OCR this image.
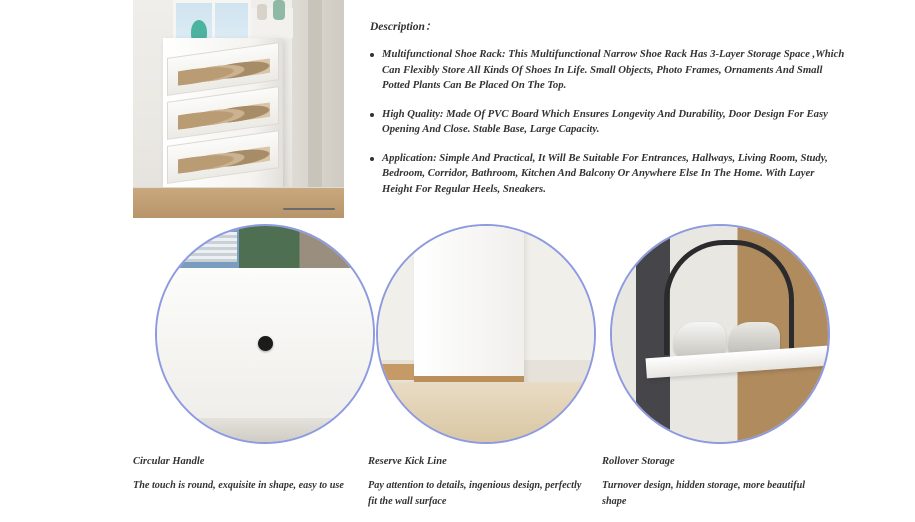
Description：
Multifunctional Shoe Rack: This Multifunctional Narrow Shoe Rack Has 3-Layer Storage Space ,Which Can Flexibly Store All Kinds Of Shoes In Life. Small Objects, Photo Frames, Ornaments And Small Potted Plants Can Be Placed On The Top.
High Quality: Made Of PVC Board Which Ensures Longevity And Durability, Door Design For Easy Opening And Close. Stable Base, Large Capacity.
Application: Simple And Practical, It Will Be Suitable For Entrances, Hallways, Living Room, Study, Bedroom, Corridor, Bathroom, Kitchen And Balcony Or Anywhere Else In The Home. With Layer Height For Regular Heels, Sneakers.
Circular Handle
The touch is round, exquisite in shape, easy to use
Reserve Kick Line
Pay attention to details, ingenious design, perfectly fit the wall surface
Rollover Storage
Turnover design, hidden storage, more beautiful shape
